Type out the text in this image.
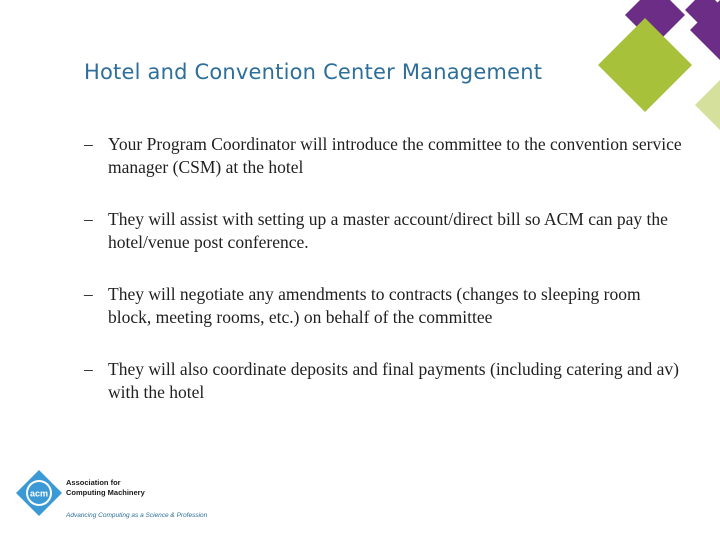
Hotel and Convention Center Management
– Your Program Coordinator will introduce the committee to the convention service manager (CSM) at the hotel
– They will assist with setting up a master account/direct bill so ACM can pay the hotel/venue post conference.
– They will negotiate any amendments to contracts (changes to sleeping room block, meeting rooms, etc.) on behalf of the committee
– They will also coordinate deposits and final payments (including catering and av) with the hotel
acm
Association for
Computing Machinery
Advancing Computing as a Science & Profession
